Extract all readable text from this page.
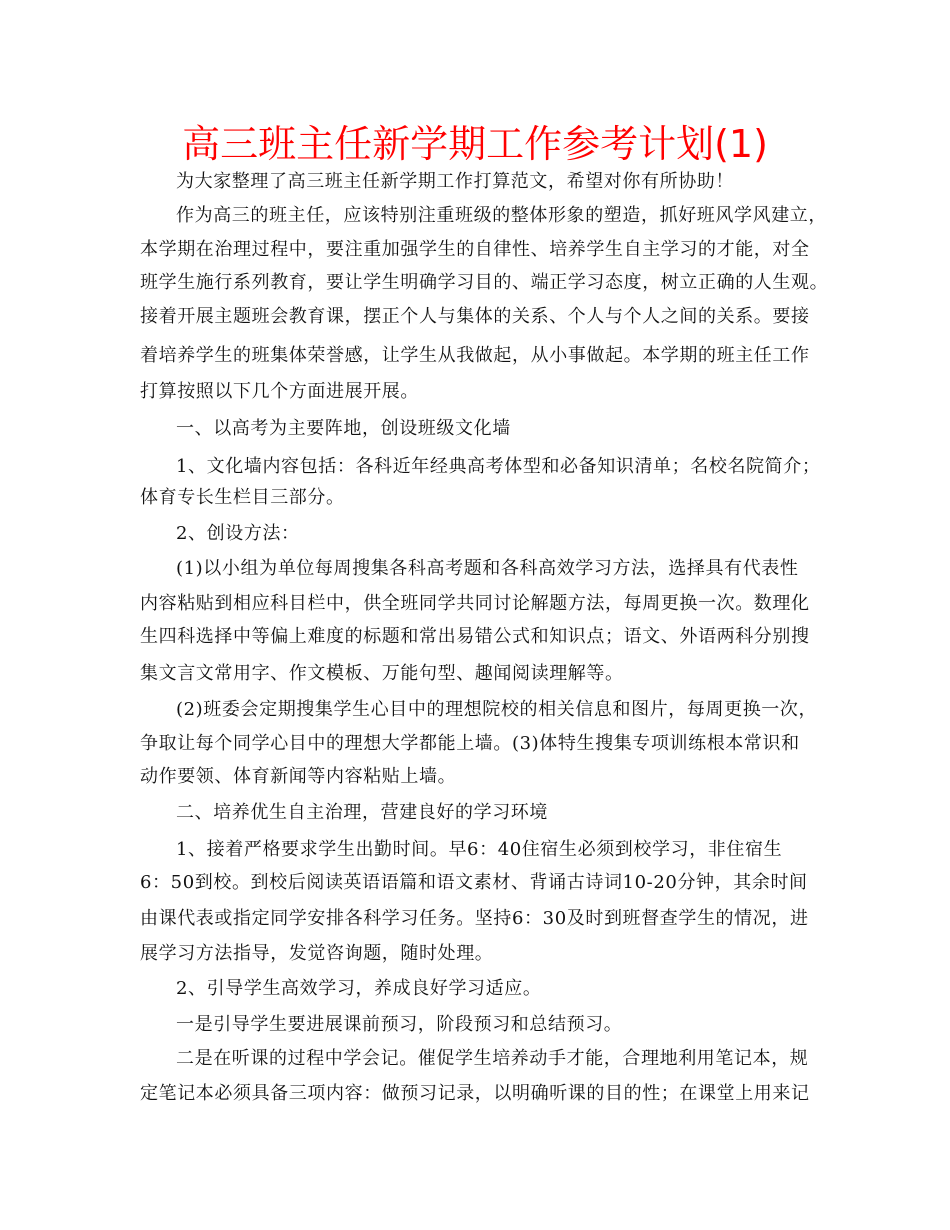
高三班主任新学期工作参考计划(1)
为大家整理了高三班主任新学期工作打算范文，希望对你有所协助！
作为高三的班主任，应该特别注重班级的整体形象的塑造，抓好班风学风建立，
本学期在治理过程中，要注重加强学生的自律性、培养学生自主学习的才能，对全
班学生施行系列教育，要让学生明确学习目的、端正学习态度，树立正确的人生观。
接着开展主题班会教育课，摆正个人与集体的关系、个人与个人之间的关系。要接
着培养学生的班集体荣誉感，让学生从我做起，从小事做起。本学期的班主任工作
打算按照以下几个方面进展开展。
一、以高考为主要阵地，创设班级文化墙
1、文化墙内容包括：各科近年经典高考体型和必备知识清单；名校名院简介；
体育专长生栏目三部分。
2、创设方法：
(1)以小组为单位每周搜集各科高考题和各科高效学习方法，选择具有代表性
内容粘贴到相应科目栏中，供全班同学共同讨论解题方法，每周更换一次。数理化
生四科选择中等偏上难度的标题和常出易错公式和知识点；语文、外语两科分别搜
集文言文常用字、作文模板、万能句型、趣闻阅读理解等。
(2)班委会定期搜集学生心目中的理想院校的相关信息和图片，每周更换一次，
争取让每个同学心目中的理想大学都能上墙。(3)体特生搜集专项训练根本常识和
动作要领、体育新闻等内容粘贴上墙。
二、培养优生自主治理，营建良好的学习环境
1、接着严格要求学生出勤时间。早6：40住宿生必须到校学习，非住宿生
6：50到校。到校后阅读英语语篇和语文素材、背诵古诗词10-20分钟，其余时间
由课代表或指定同学安排各科学习任务。坚持6：30及时到班督查学生的情况，进
展学习方法指导，发觉咨询题，随时处理。
2、引导学生高效学习，养成良好学习适应。
一是引导学生要进展课前预习，阶段预习和总结预习。
二是在听课的过程中学会记。催促学生培养动手才能，合理地利用笔记本，规
定笔记本必须具备三项内容：做预习记录，以明确听课的目的性；在课堂上用来记
